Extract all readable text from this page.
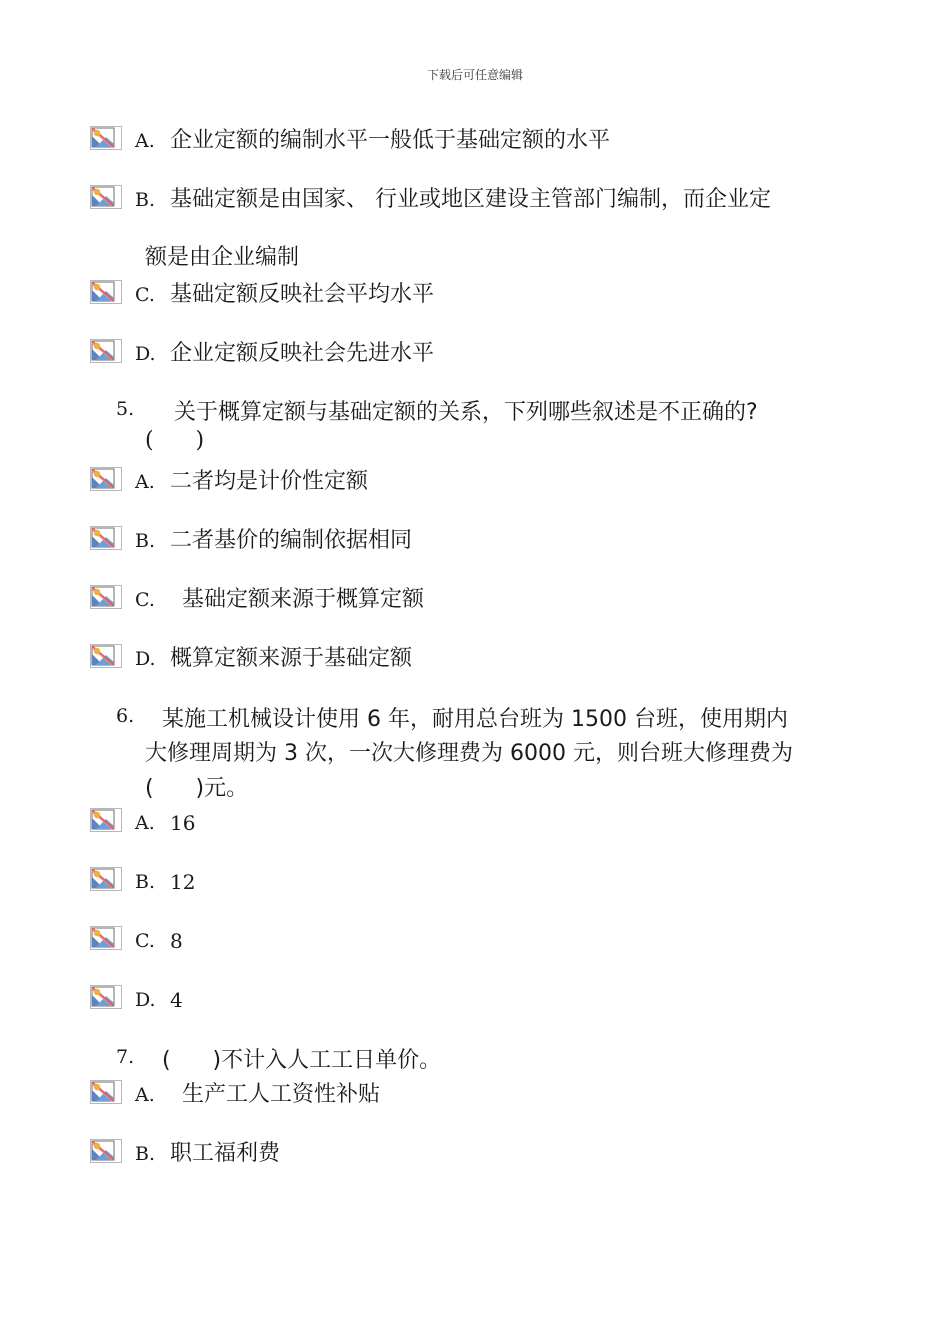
下载后可任意编辑
A. 企业定额的编制水平一般低于基础定额的水平
B. 基础定额是由国家、 行业或地区建设主管部门编制，而企业定
额是由企业编制
C. 基础定额反映社会平均水平
D. 企业定额反映社会先进水平
5. 关于概算定额与基础定额的关系，下列哪些叙述是不正确的?
(      )
A. 二者均是计价性定额
B. 二者基价的编制依据相同
C. 基础定额来源于概算定额
D. 概算定额来源于基础定额
6. 某施工机械设计使用 6 年，耐用总台班为 1500 台班，使用期内
大修理周期为 3 次，一次大修理费为 6000 元，则台班大修理费为
(      )元。
A. 16
B. 12
C. 8
D. 4
7. (      )不计入人工工日单价。
A. 生产工人工资性补贴
B. 职工福利费
